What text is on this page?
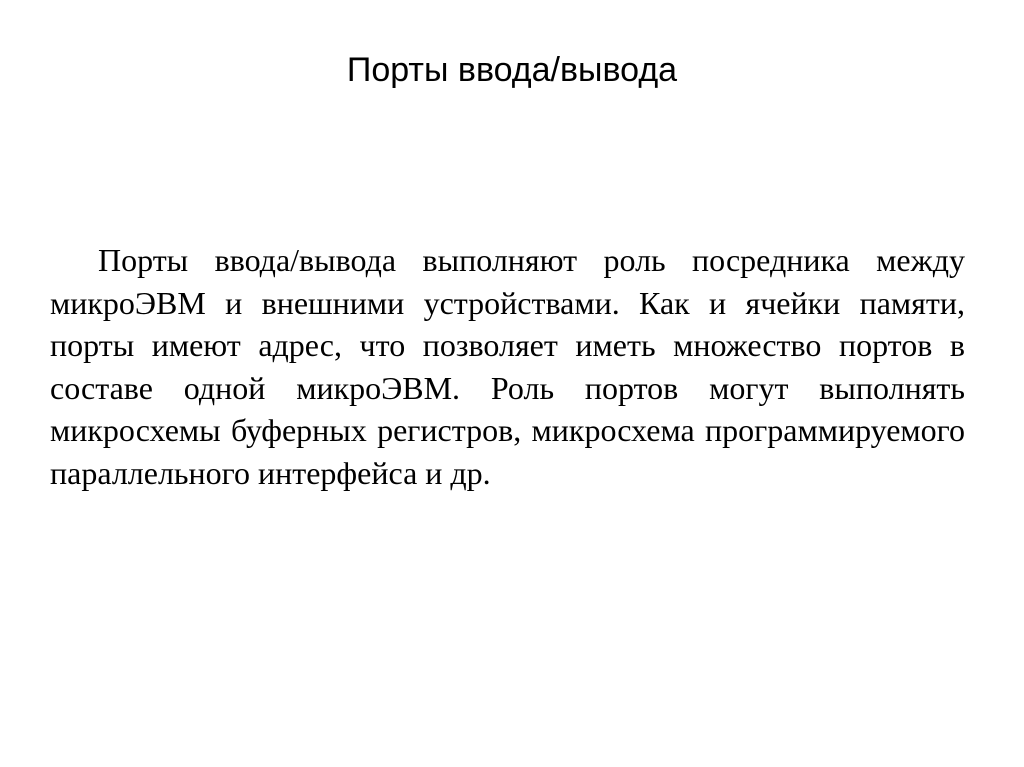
Порты ввода/вывода

Порты ввода/вывода выполняют роль посредника между микроЭВМ и внешними устройствами. Как и ячейки памяти, порты имеют адрес, что позволяет иметь множество портов в составе одной микроЭВМ. Роль портов могут выполнять микросхемы буферных регистров, микросхема программируемого параллельного интерфейса и др.
